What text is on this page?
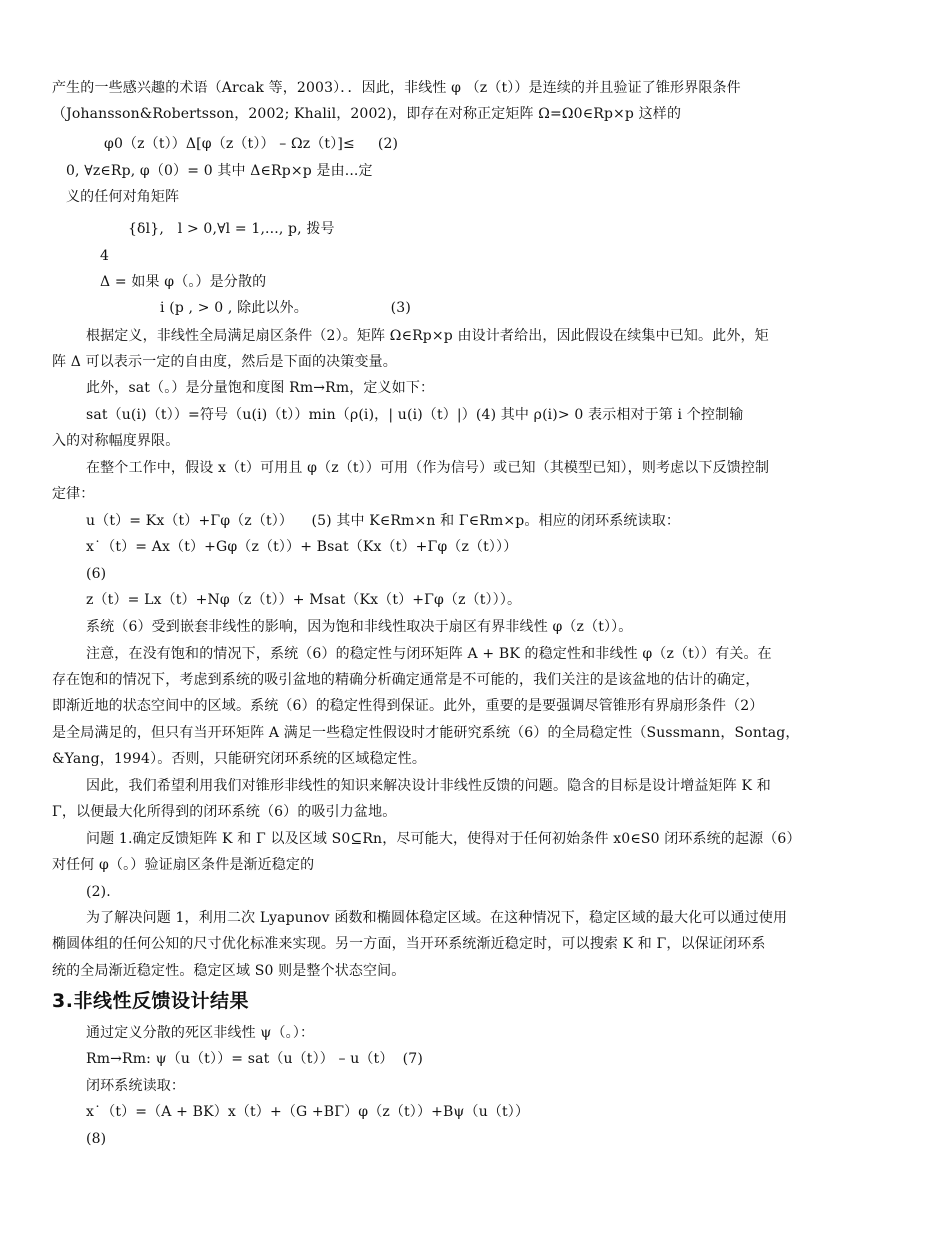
产生的一些感兴趣的术语（Arcak 等，2003）．．因此，非线性 φ （z（t））是连续的并且验证了锥形界限条件
（Johansson&Robertsson，2002; Khalil，2002)，即存在对称正定矩阵 Ω=Ω0∈Rp×p 这样的
φ0（z（t））Δ[φ（z（t）） – Ωz（t）]≤     (2)
0, ∀z∈Rp, φ（0）= 0 其中 Δ∈Rp×p 是由...定
义的任何对角矩阵
{δl},   l > 0,∀l = 1,..., p, 拨号
4
Δ = 如果 φ（。）是分散的
i (p , > 0 , 除此以外。                  (3)
根据定义，非线性全局满足扇区条件（2）。矩阵 Ω∈Rp×p 由设计者给出，因此假设在续集中已知。此外，矩
阵 Δ 可以表示一定的自由度，然后是下面的决策变量。
此外，sat（。）是分量饱和度图 Rm→Rm，定义如下：
sat（u(i)（t））=符号（u(i)（t））min（ρ(i)，| u(i)（t）|）(4) 其中 ρ(i)> 0 表示相对于第 i 个控制输
入的对称幅度界限。
在整个工作中，假设 x（t）可用且 φ（z（t））可用（作为信号）或已知（其模型已知），则考虑以下反馈控制
定律：
u（t）= Kx（t）+Γφ（z（t））    (5) 其中 K∈Rm×n 和 Γ∈Rm×p。相应的闭环系统读取：
x˙（t）= Ax（t）+Gφ（z（t））+ Bsat（Kx（t）+Γφ（z（t）））
(6)
z（t）= Lx（t）+Nφ（z（t））+ Msat（Kx（t）+Γφ（z（t）））。
系统（6）受到嵌套非线性的影响，因为饱和非线性取决于扇区有界非线性 φ（z（t））。
注意，在没有饱和的情况下，系统（6）的稳定性与闭环矩阵 A + BK 的稳定性和非线性 φ（z（t））有关。在
存在饱和的情况下，考虑到系统的吸引盆地的精确分析确定通常是不可能的，我们关注的是该盆地的估计的确定，
即渐近地的状态空间中的区域。系统（6）的稳定性得到保证。此外，重要的是要强调尽管锥形有界扇形条件（2）
是全局满足的，但只有当开环矩阵 A 满足一些稳定性假设时才能研究系统（6）的全局稳定性（Sussmann，Sontag，
&Yang，1994）。否则，只能研究闭环系统的区域稳定性。
因此，我们希望利用我们对锥形非线性的知识来解决设计非线性反馈的问题。隐含的目标是设计增益矩阵 K 和
Γ，以便最大化所得到的闭环系统（6）的吸引力盆地。
问题 1.确定反馈矩阵 K 和 Γ 以及区域 S0⊆Rn，尽可能大，使得对于任何初始条件 x0∈S0 闭环系统的起源（6）
对任何 φ（。）验证扇区条件是渐近稳定的
(2).
为了解决问题 1，利用二次 Lyapunov 函数和椭圆体稳定区域。在这种情况下，稳定区域的最大化可以通过使用
椭圆体组的任何公知的尺寸优化标准来实现。另一方面，当开环系统渐近稳定时，可以搜索 K 和 Γ，以保证闭环系
统的全局渐近稳定性。稳定区域 S0 则是整个状态空间。
3.非线性反馈设计结果
通过定义分散的死区非线性 ψ（。）：
Rm→Rm: ψ（u（t））= sat（u（t）） – u（t）  (7)
闭环系统读取：
x˙（t）=（A + BK）x（t）+（G +BΓ）φ（z（t））+Bψ（u（t））
(8)
